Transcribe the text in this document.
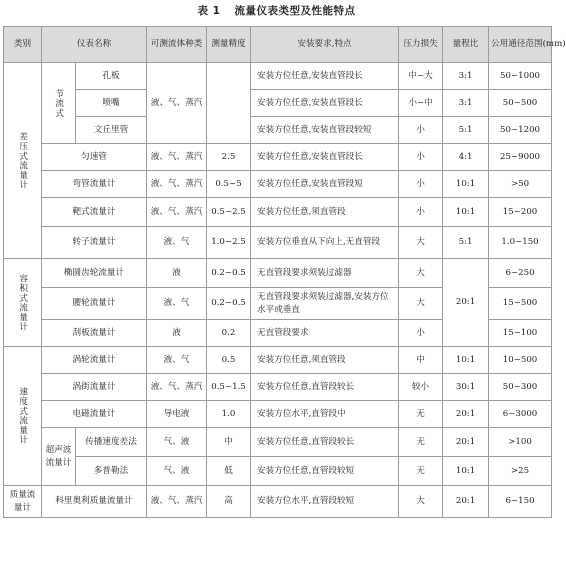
表 1 流量仪表类型及性能特点
类别	仪表名称		可测流体种类	测量精度	安装要求,特点	压力损失	量程比	公用通径范围(mm)

差压式流量计	节流式	孔板	液、气、蒸汽		安装方位任意,安装直管段长	中~大	3:1	50~1000
		喷嘴			安装方位任意,安装直管段长	小~中	3:1	50~500
		文丘里管			安装方位任意,安装直管段较短	小	5:1	50~1200
	匀速管		液、气、蒸汽	2.5	安装方位任意,安装直管段长	小	4:1	25~9000
	弯管流量计		液、气、蒸汽	0.5~5	安装方位任意,安装直管段短	小	10:1	>50
	靶式流量计		液、气、蒸汽	0.5~2.5	安装方位任意,须直管段	小	10:1	15~200
	转子流量计		液、气	1.0~2.5	安装方位垂直从下向上,无直管段	大	5:1	1.0~150

容积式流量计	椭圆齿轮流量计		液	0.2~0.5	无直管段要求须装过滤器	大	20:1	6~250
	腰轮流量计		液、气	0.2~0.5	无直管段要求须装过滤器,安装方位水平或垂直	大		15~500
	刮板流量计		液	0.2	无直管段要求	小		15~100

速度式流量计	涡轮流量计		液、气	0.5	安装方位任意,须直管段	中	10:1	10~500
	涡街流量计		液、气、蒸汽	0.5~1.5	安装方位任意,直管段较长	较小	30:1	50~300
	电磁流量计		导电液	1.0	安装方位水平,直管段中	无	20:1	6~3000
	超声波流量计	传播速度差法	气、液	中	安装方位任意,直管段较长	无	20:1	>100
		多普勒法	气、液	低	安装方位任意,直管段较短	无	10:1	>25
质量流量计	科里奥利质量流量计		液、气、蒸汽	高	安装方位水平,直管段较短	大	20:1	6~150
